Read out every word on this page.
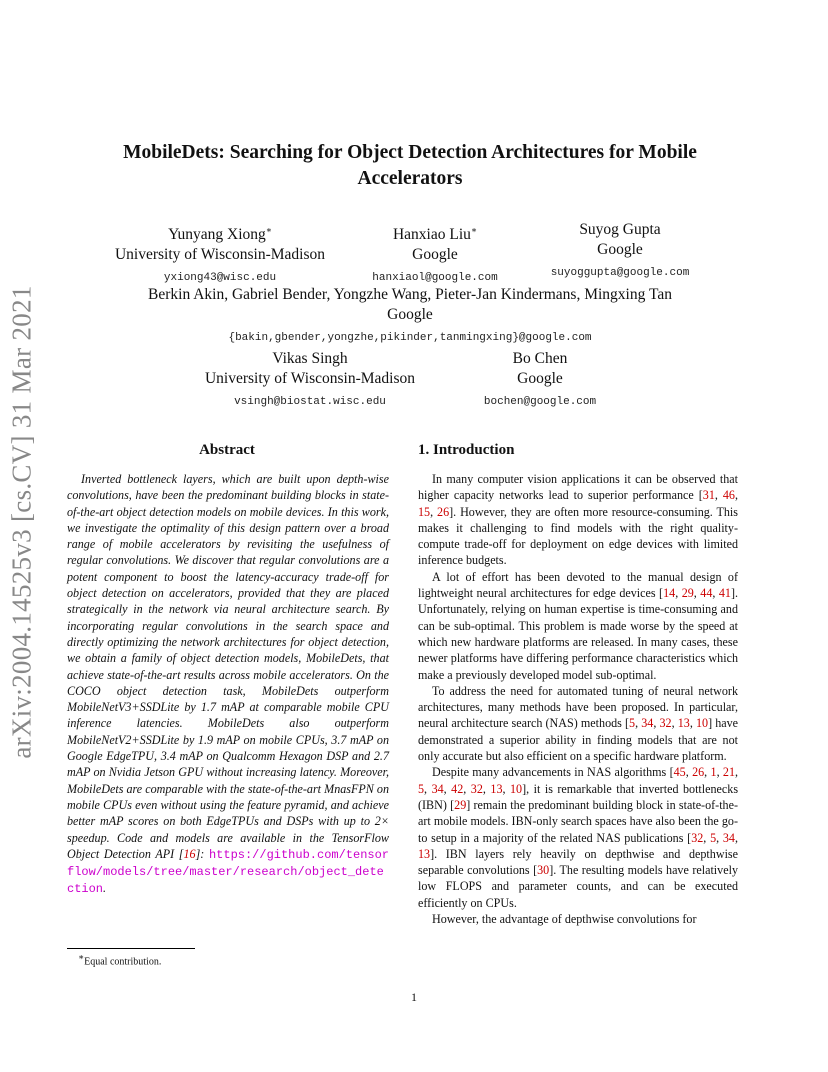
arXiv:2004.14525v3 [cs.CV] 31 Mar 2021
MobileDets: Searching for Object Detection Architectures for Mobile
Accelerators
Yunyang Xiong∗
University of Wisconsin-Madison
yxiong43@wisc.edu
Hanxiao Liu∗
Google
hanxiaol@google.com
Suyog Gupta
Google
suyoggupta@google.com
Berkin Akin, Gabriel Bender, Yongzhe Wang, Pieter-Jan Kindermans, Mingxing Tan
Google
{bakin,gbender,yongzhe,pikinder,tanmingxing}@google.com
Vikas Singh
University of Wisconsin-Madison
vsingh@biostat.wisc.edu
Bo Chen
Google
bochen@google.com
Abstract

Inverted bottleneck layers, which are built upon depth-wise convolutions, have been the predominant building blocks in state-of-the-art object detection models on mobile devices. In this work, we investigate the optimality of this design pattern over a broad range of mobile accelerators by revisiting the usefulness of regular convolutions. We discover that regular convolutions are a potent component to boost the latency-accuracy trade-off for object detection on accelerators, provided that they are placed strategically in the network via neural architecture search. By incorporating regular convolutions in the search space and directly optimizing the network architectures for object detection, we obtain a family of object detection models, MobileDets, that achieve state-of-the-art results across mobile accelerators. On the COCO object detection task, MobileDets outperform MobileNetV3+SSDLite by 1.7 mAP at comparable mobile CPU inference latencies. MobileDets also outperform MobileNetV2+SSDLite by 1.9 mAP on mobile CPUs, 3.7 mAP on Google EdgeTPU, 3.4 mAP on Qualcomm Hexagon DSP and 2.7 mAP on Nvidia Jetson GPU without increasing latency. Moreover, MobileDets are comparable with the state-of-the-art MnasFPN on mobile CPUs even without using the feature pyramid, and achieve better mAP scores on both EdgeTPUs and DSPs with up to 2× speedup. Code and models are available in the TensorFlow Object Detection API [16]: https://github.com/tensorflow/models/tree/master/research/object_detection.

∗Equal contribution.
1. Introduction

In many computer vision applications it can be observed that higher capacity networks lead to superior performance [31, 46, 15, 26]. However, they are often more resource-consuming. This makes it challenging to find models with the right quality-compute trade-off for deployment on edge devices with limited inference budgets.

A lot of effort has been devoted to the manual design of lightweight neural architectures for edge devices [14, 29, 44, 41]. Unfortunately, relying on human expertise is time-consuming and can be sub-optimal. This problem is made worse by the speed at which new hardware platforms are released. In many cases, these newer platforms have differing performance characteristics which make a previously developed model sub-optimal.

To address the need for automated tuning of neural network architectures, many methods have been proposed. In particular, neural architecture search (NAS) methods [5, 34, 32, 13, 10] have demonstrated a superior ability in finding models that are not only accurate but also efficient on a specific hardware platform.

Despite many advancements in NAS algorithms [45, 26, 1, 21, 5, 34, 42, 32, 13, 10], it is remarkable that inverted bottlenecks (IBN) [29] remain the predominant building block in state-of-the-art mobile models. IBN-only search spaces have also been the go-to setup in a majority of the related NAS publications [32, 5, 34, 13]. IBN layers rely heavily on depthwise and depthwise separable convolutions [30]. The resulting models have relatively low FLOPS and parameter counts, and can be executed efficiently on CPUs.

However, the advantage of depthwise convolutions for

1
